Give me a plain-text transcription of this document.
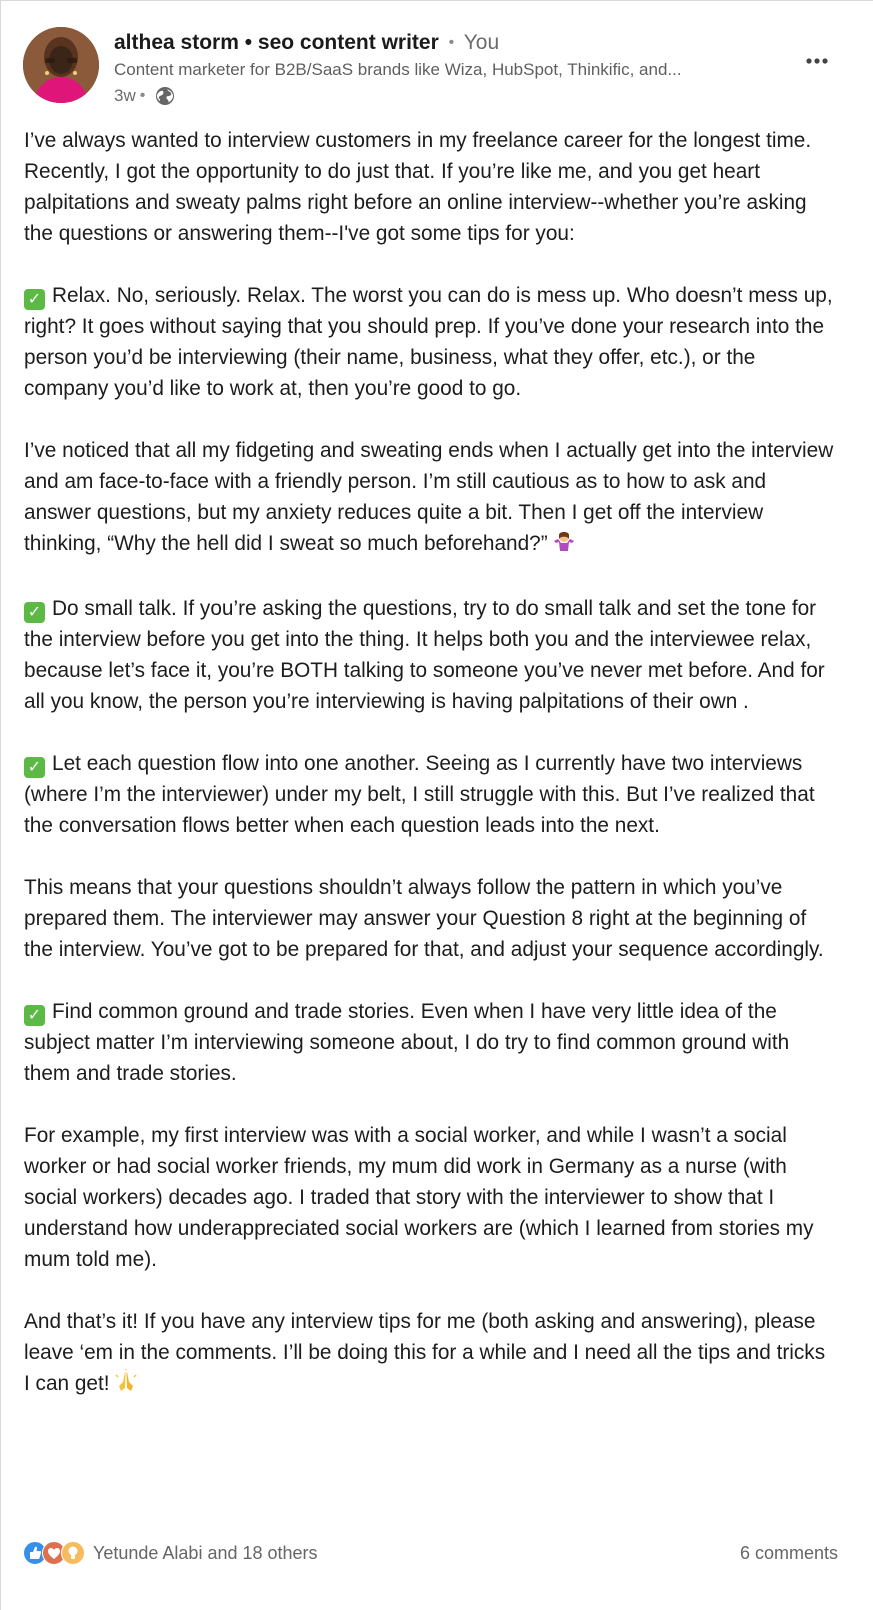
althea storm • seo content writer • You
Content marketer for B2B/SaaS brands like Wiza, HubSpot, Thinkific, and...
3w •

I’ve always wanted to interview customers in my freelance career for the longest time. Recently, I got the opportunity to do just that. If you’re like me, and you get heart palpitations and sweaty palms right before an online interview--whether you’re asking the questions or answering them--I've got some tips for you:

✓ Relax. No, seriously. Relax. The worst you can do is mess up. Who doesn’t mess up, right? It goes without saying that you should prep. If you’ve done your research into the person you’d be interviewing (their name, business, what they offer, etc.), or the company you’d like to work at, then you’re good to go.

I’ve noticed that all my fidgeting and sweating ends when I actually get into the interview and am face-to-face with a friendly person. I’m still cautious as to how to ask and answer questions, but my anxiety reduces quite a bit. Then I get off the interview thinking, “Why the hell did I sweat so much beforehand?”

✓ Do small talk. If you’re asking the questions, try to do small talk and set the tone for the interview before you get into the thing. It helps both you and the interviewee relax, because let’s face it, you’re BOTH talking to someone you’ve never met before. And for all you know, the person you’re interviewing is having palpitations of their own .

✓ Let each question flow into one another. Seeing as I currently have two interviews (where I’m the interviewer) under my belt, I still struggle with this. But I’ve realized that the conversation flows better when each question leads into the next.

This means that your questions shouldn’t always follow the pattern in which you’ve prepared them. The interviewer may answer your Question 8 right at the beginning of the interview. You’ve got to be prepared for that, and adjust your sequence accordingly.

✓ Find common ground and trade stories. Even when I have very little idea of the subject matter I’m interviewing someone about, I do try to find common ground with them and trade stories.

For example, my first interview was with a social worker, and while I wasn’t a social worker or had social worker friends, my mum did work in Germany as a nurse (with social workers) decades ago. I traded that story with the interviewer to show that I understand how underappreciated social workers are (which I learned from stories my mum told me).

And that’s it! If you have any interview tips for me (both asking and answering), please leave ‘em in the comments. I’ll be doing this for a while and I need all the tips and tricks I can get!

Yetunde Alabi and 18 others	6 comments
